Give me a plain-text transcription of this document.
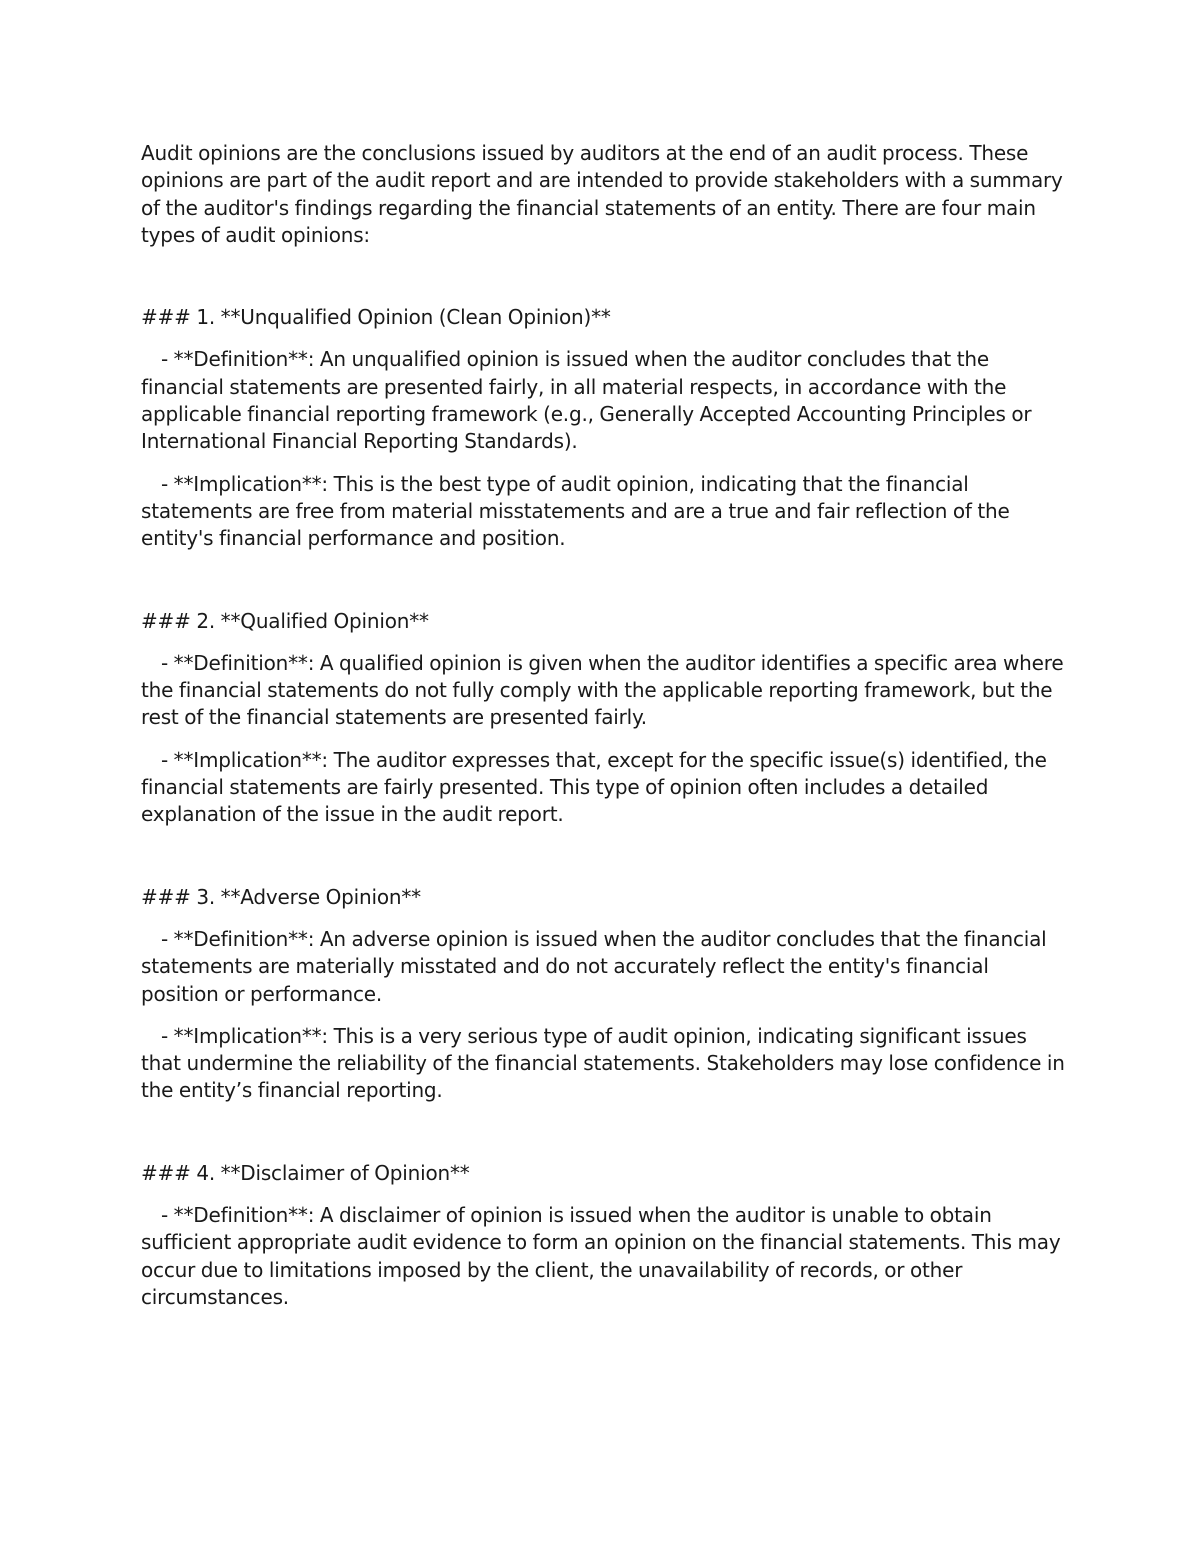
Audit opinions are the conclusions issued by auditors at the end of an audit process. These opinions are part of the audit report and are intended to provide stakeholders with a summary of the auditor's findings regarding the financial statements of an entity. There are four main types of audit opinions:

### 1. **Unqualified Opinion (Clean Opinion)**

- **Definition**: An unqualified opinion is issued when the auditor concludes that the financial statements are presented fairly, in all material respects, in accordance with the applicable financial reporting framework (e.g., Generally Accepted Accounting Principles or International Financial Reporting Standards).

- **Implication**: This is the best type of audit opinion, indicating that the financial statements are free from material misstatements and are a true and fair reflection of the entity's financial performance and position.

### 2. **Qualified Opinion**

- **Definition**: A qualified opinion is given when the auditor identifies a specific area where the financial statements do not fully comply with the applicable reporting framework, but the rest of the financial statements are presented fairly.

- **Implication**: The auditor expresses that, except for the specific issue(s) identified, the financial statements are fairly presented. This type of opinion often includes a detailed explanation of the issue in the audit report.

### 3. **Adverse Opinion**

- **Definition**: An adverse opinion is issued when the auditor concludes that the financial statements are materially misstated and do not accurately reflect the entity's financial position or performance.

- **Implication**: This is a very serious type of audit opinion, indicating significant issues that undermine the reliability of the financial statements. Stakeholders may lose confidence in the entity’s financial reporting.

### 4. **Disclaimer of Opinion**

- **Definition**: A disclaimer of opinion is issued when the auditor is unable to obtain sufficient appropriate audit evidence to form an opinion on the financial statements. This may occur due to limitations imposed by the client, the unavailability of records, or other circumstances.
